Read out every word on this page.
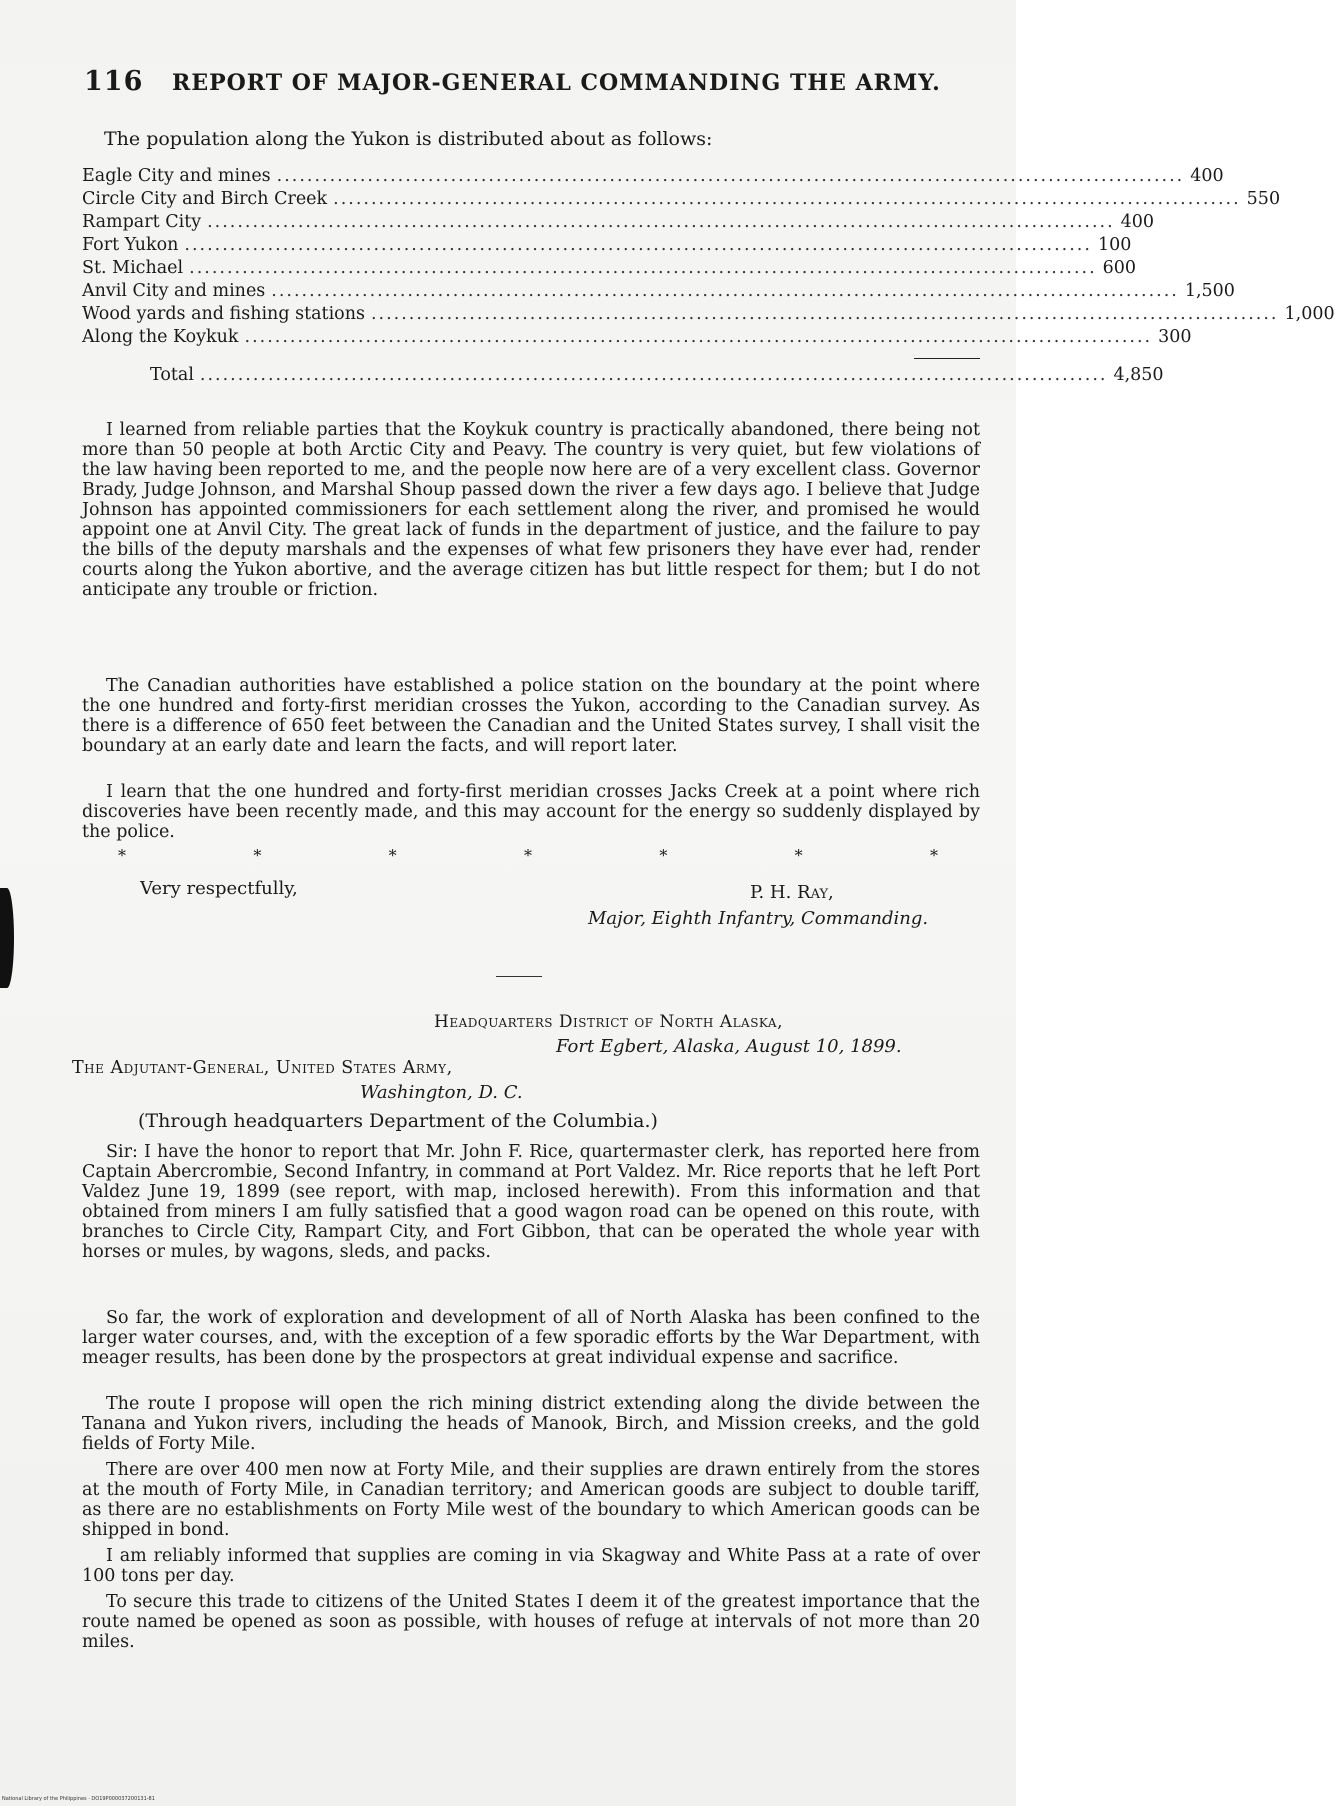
116 REPORT OF MAJOR-GENERAL COMMANDING THE ARMY.
The population along the Yukon is distributed about as follows:
Eagle City and mines ........................................................................................................................ 400
Circle City and Birch Creek ........................................................................................................................ 550
Rampart City ........................................................................................................................ 400
Fort Yukon ........................................................................................................................ 100
St. Michael ........................................................................................................................ 600
Anvil City and mines ........................................................................................................................ 1,500
Wood yards and fishing stations ........................................................................................................................ 1,000
Along the Koykuk ........................................................................................................................ 300
Total ........................................................................................................................ 4,850

I learned from reliable parties that the Koykuk country is practically abandoned, there being not more than 50 people at both Arctic City and Peavy. The country is very quiet, but few violations of the law having been reported to me, and the people now here are of a very excellent class. Governor Brady, Judge Johnson, and Marshal Shoup passed down the river a few days ago. I believe that Judge Johnson has appointed commissioners for each settlement along the river, and promised he would appoint one at Anvil City. The great lack of funds in the department of justice, and the failure to pay the bills of the deputy marshals and the expenses of what few prisoners they have ever had, render courts along the Yukon abortive, and the average citizen has but little respect for them; but I do not anticipate any trouble or friction.

The Canadian authorities have established a police station on the boundary at the point where the one hundred and forty-first meridian crosses the Yukon, according to the Canadian survey. As there is a difference of 650 feet between the Canadian and the United States survey, I shall visit the boundary at an early date and learn the facts, and will report later.

I learn that the one hundred and forty-first meridian crosses Jacks Creek at a point where rich discoveries have been recently made, and this may account for the energy so suddenly displayed by the police.

*	*	*	*	*	*	*
Very respectfully,	P. H. Ray,
Major, Eighth Infantry, Commanding.
Headquarters District of North Alaska,
Fort Egbert, Alaska, August 10, 1899.
The Adjutant-General, United States Army,
Washington, D. C.
(Through headquarters Department of the Columbia.)

Sir: I have the honor to report that Mr. John F. Rice, quartermaster clerk, has reported here from Captain Abercrombie, Second Infantry, in command at Port Valdez. Mr. Rice reports that he left Port Valdez June 19, 1899 (see report, with map, inclosed herewith). From this information and that obtained from miners I am fully satisfied that a good wagon road can be opened on this route, with branches to Circle City, Rampart City, and Fort Gibbon, that can be operated the whole year with horses or mules, by wagons, sleds, and packs.

So far, the work of exploration and development of all of North Alaska has been confined to the larger water courses, and, with the exception of a few sporadic efforts by the War Department, with meager results, has been done by the prospectors at great individual expense and sacrifice.

The route I propose will open the rich mining district extending along the divide between the Tanana and Yukon rivers, including the heads of Manook, Birch, and Mission creeks, and the gold fields of Forty Mile.

There are over 400 men now at Forty Mile, and their supplies are drawn entirely from the stores at the mouth of Forty Mile, in Canadian territory; and American goods are subject to double tariff, as there are no establishments on Forty Mile west of the boundary to which American goods can be shipped in bond.

I am reliably informed that supplies are coming in via Skagway and White Pass at a rate of over 100 tons per day.

To secure this trade to citizens of the United States I deem it of the greatest importance that the route named be opened as soon as possible, with houses of refuge at intervals of not more than 20 miles.

National Library of the Philippines · DO19P000037200131-81
